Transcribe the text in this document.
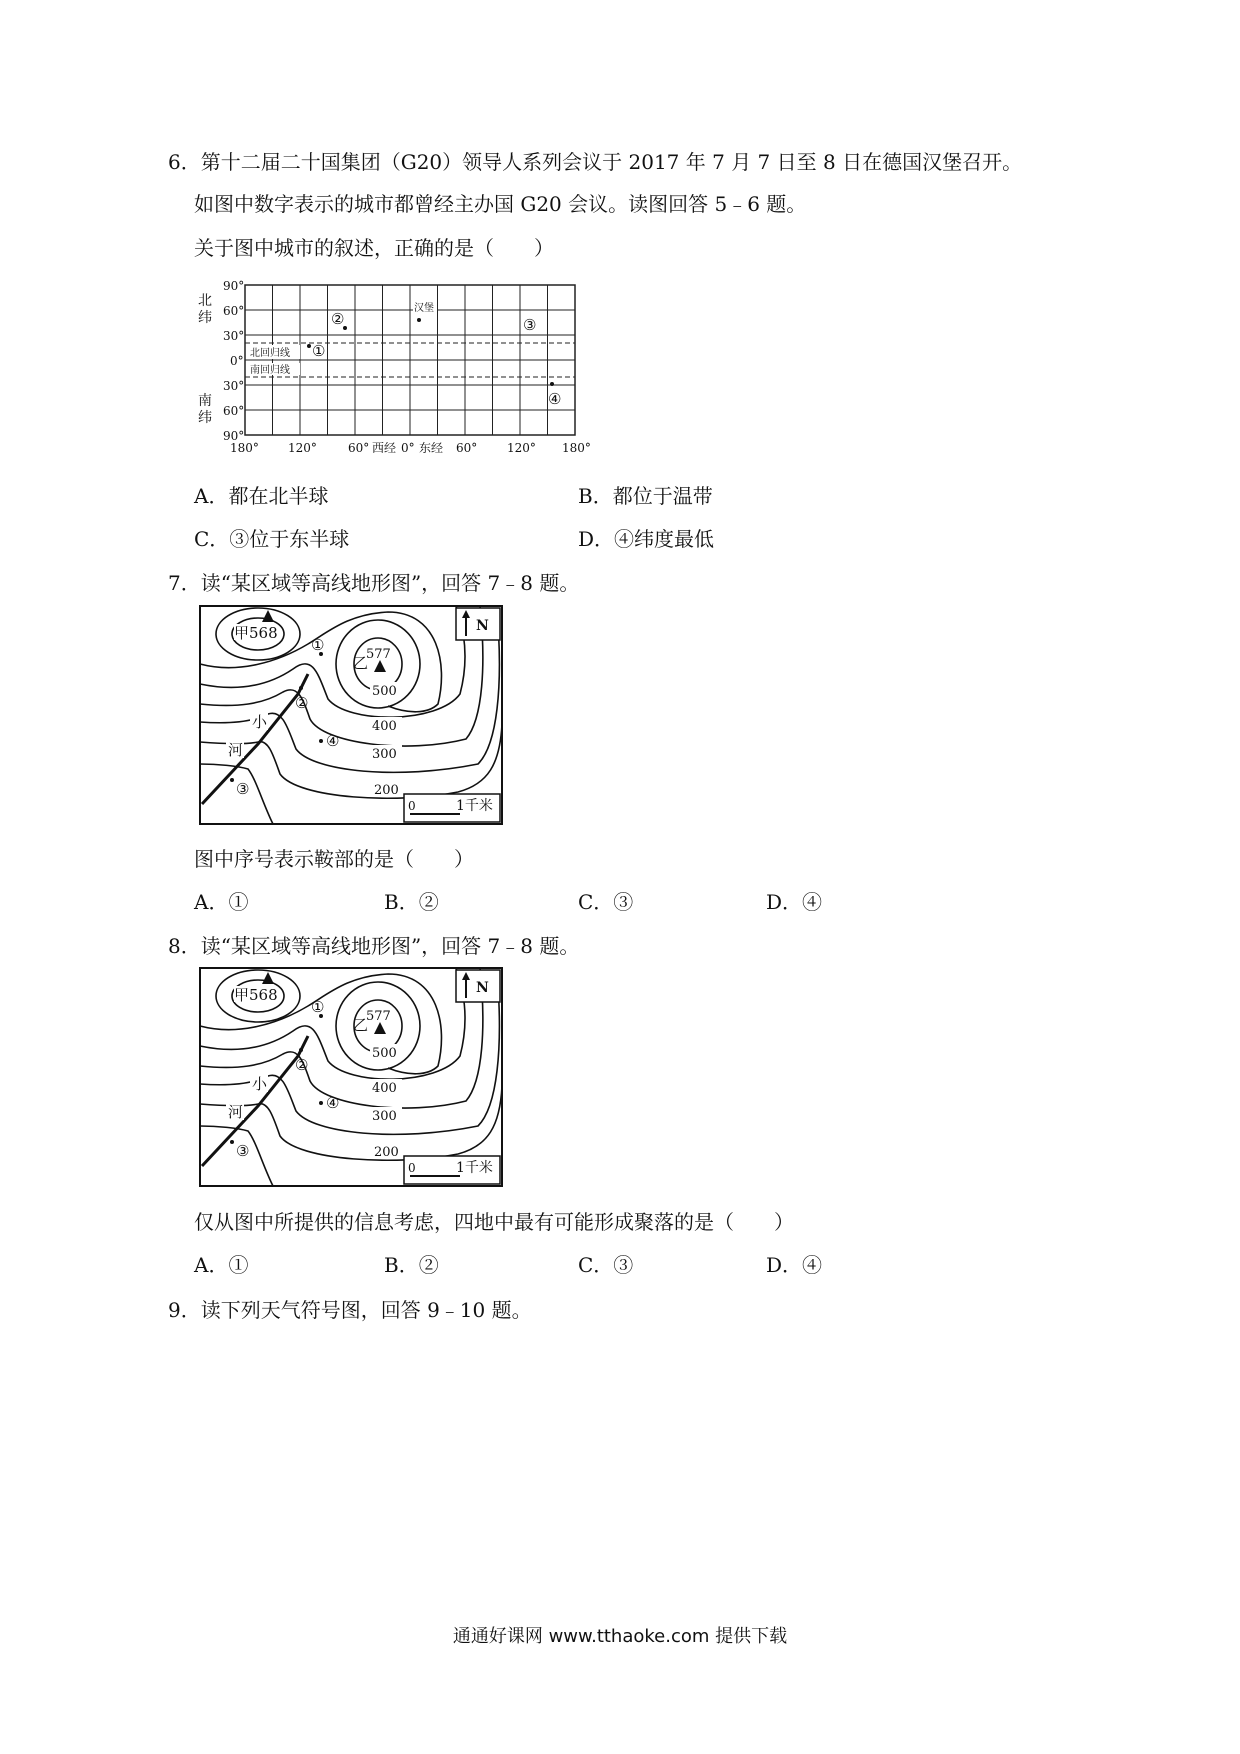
6．第十二届二十国集团（G20）领导人系列会议于 2017 年 7 月 7 日至 8 日在德国汉堡召开。
如图中数字表示的城市都曾经主办国 G20 会议。读图回答 5﹣6 题。
关于图中城市的叙述，正确的是（　　）
北
纬
南
纬
90°
60°
30°
0°
30°
60°
90°
北回归线
南回归线
①
②
汉堡
③
④
180° 120°	60° 西经 0° 东经 60° 120° 180°
A．都在北半球	B．都位于温带
C．③位于东半球	D．④纬度最低
7．读“某区域等高线地形图”，回答 7﹣8 题。
甲568
乙
577
500
400
300
200
N
0	1千米
小
河
①
②
③
④
图中序号表示鞍部的是（　　）
A．①	B．②	C．③	D．④
8．读“某区域等高线地形图”，回答 7﹣8 题。
甲568
乙
577
500
400
300
200
N
0	1千米
小
河
①
②
③
④
仅从图中所提供的信息考虑，四地中最有可能形成聚落的是（　　）
A．①	B．②	C．③	D．④
9．读下列天气符号图，回答 9﹣10 题。
通通好课网 www.tthaoke.com 提供下载
